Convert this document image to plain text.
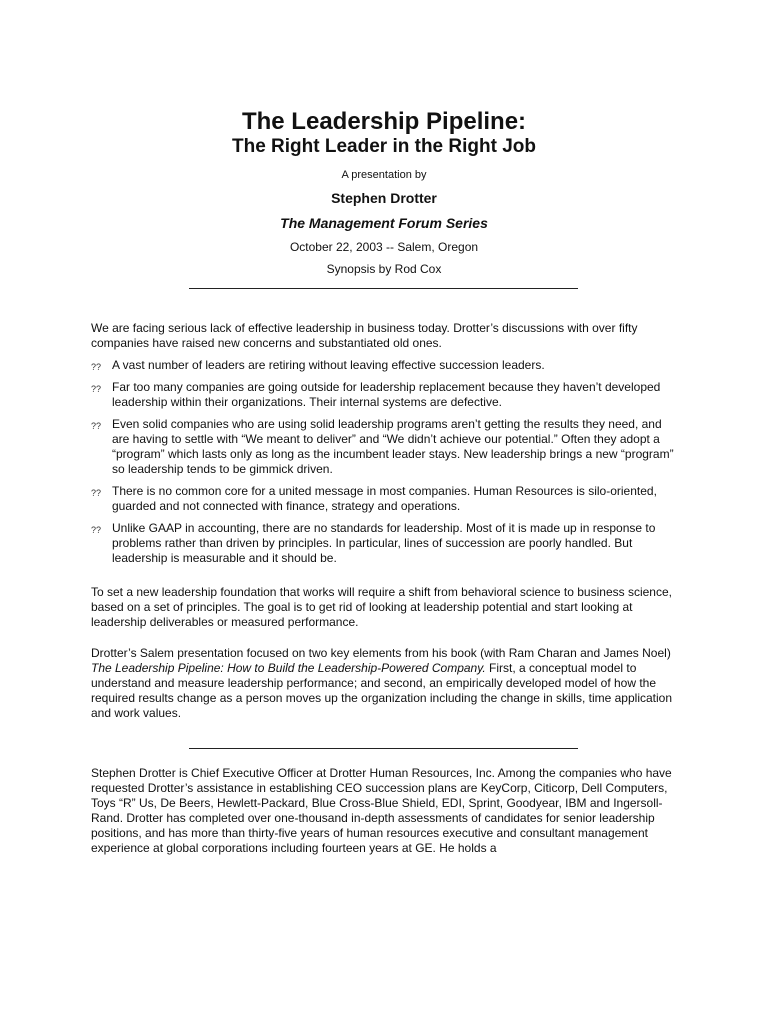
The Leadership Pipeline:
The Right Leader in the Right Job
A presentation by
Stephen Drotter
The Management Forum Series
October 22, 2003 -- Salem, Oregon
Synopsis by Rod Cox

We are facing serious lack of effective leadership in business today. Drotter’s discussions with over fifty companies have raised new concerns and substantiated old ones.

?? A vast number of leaders are retiring without leaving effective succession leaders.
?? Far too many companies are going outside for leadership replacement because they haven’t developed leadership within their organizations. Their internal systems are defective.
?? Even solid companies who are using solid leadership programs aren’t getting the results they need, and are having to settle with “We meant to deliver” and “We didn’t achieve our potential.” Often they adopt a “program” which lasts only as long as the incumbent leader stays. New leadership brings a new “program” so leadership tends to be gimmick driven.
?? There is no common core for a united message in most companies. Human Resources is silo-oriented, guarded and not connected with finance, strategy and operations.
?? Unlike GAAP in accounting, there are no standards for leadership. Most of it is made up in response to problems rather than driven by principles. In particular, lines of succession are poorly handled. But leadership is measurable and it should be.

To set a new leadership foundation that works will require a shift from behavioral science to business science, based on a set of principles. The goal is to get rid of looking at leadership potential and start looking at leadership deliverables or measured performance.

Drotter’s Salem presentation focused on two key elements from his book (with Ram Charan and James Noel) The Leadership Pipeline: How to Build the Leadership-Powered Company. First, a conceptual model to understand and measure leadership performance; and second, an empirically developed model of how the required results change as a person moves up the organization including the change in skills, time application and work values.

Stephen Drotter is Chief Executive Officer at Drotter Human Resources, Inc. Among the companies who have requested Drotter’s assistance in establishing CEO succession plans are KeyCorp, Citicorp, Dell Computers, Toys “R” Us, De Beers, Hewlett-Packard, Blue Cross-Blue Shield, EDI, Sprint, Goodyear, IBM and Ingersoll-Rand. Drotter has completed over one-thousand in-depth assessments of candidates for senior leadership positions, and has more than thirty-five years of human resources executive and consultant management experience at global corporations including fourteen years at GE. He holds a
